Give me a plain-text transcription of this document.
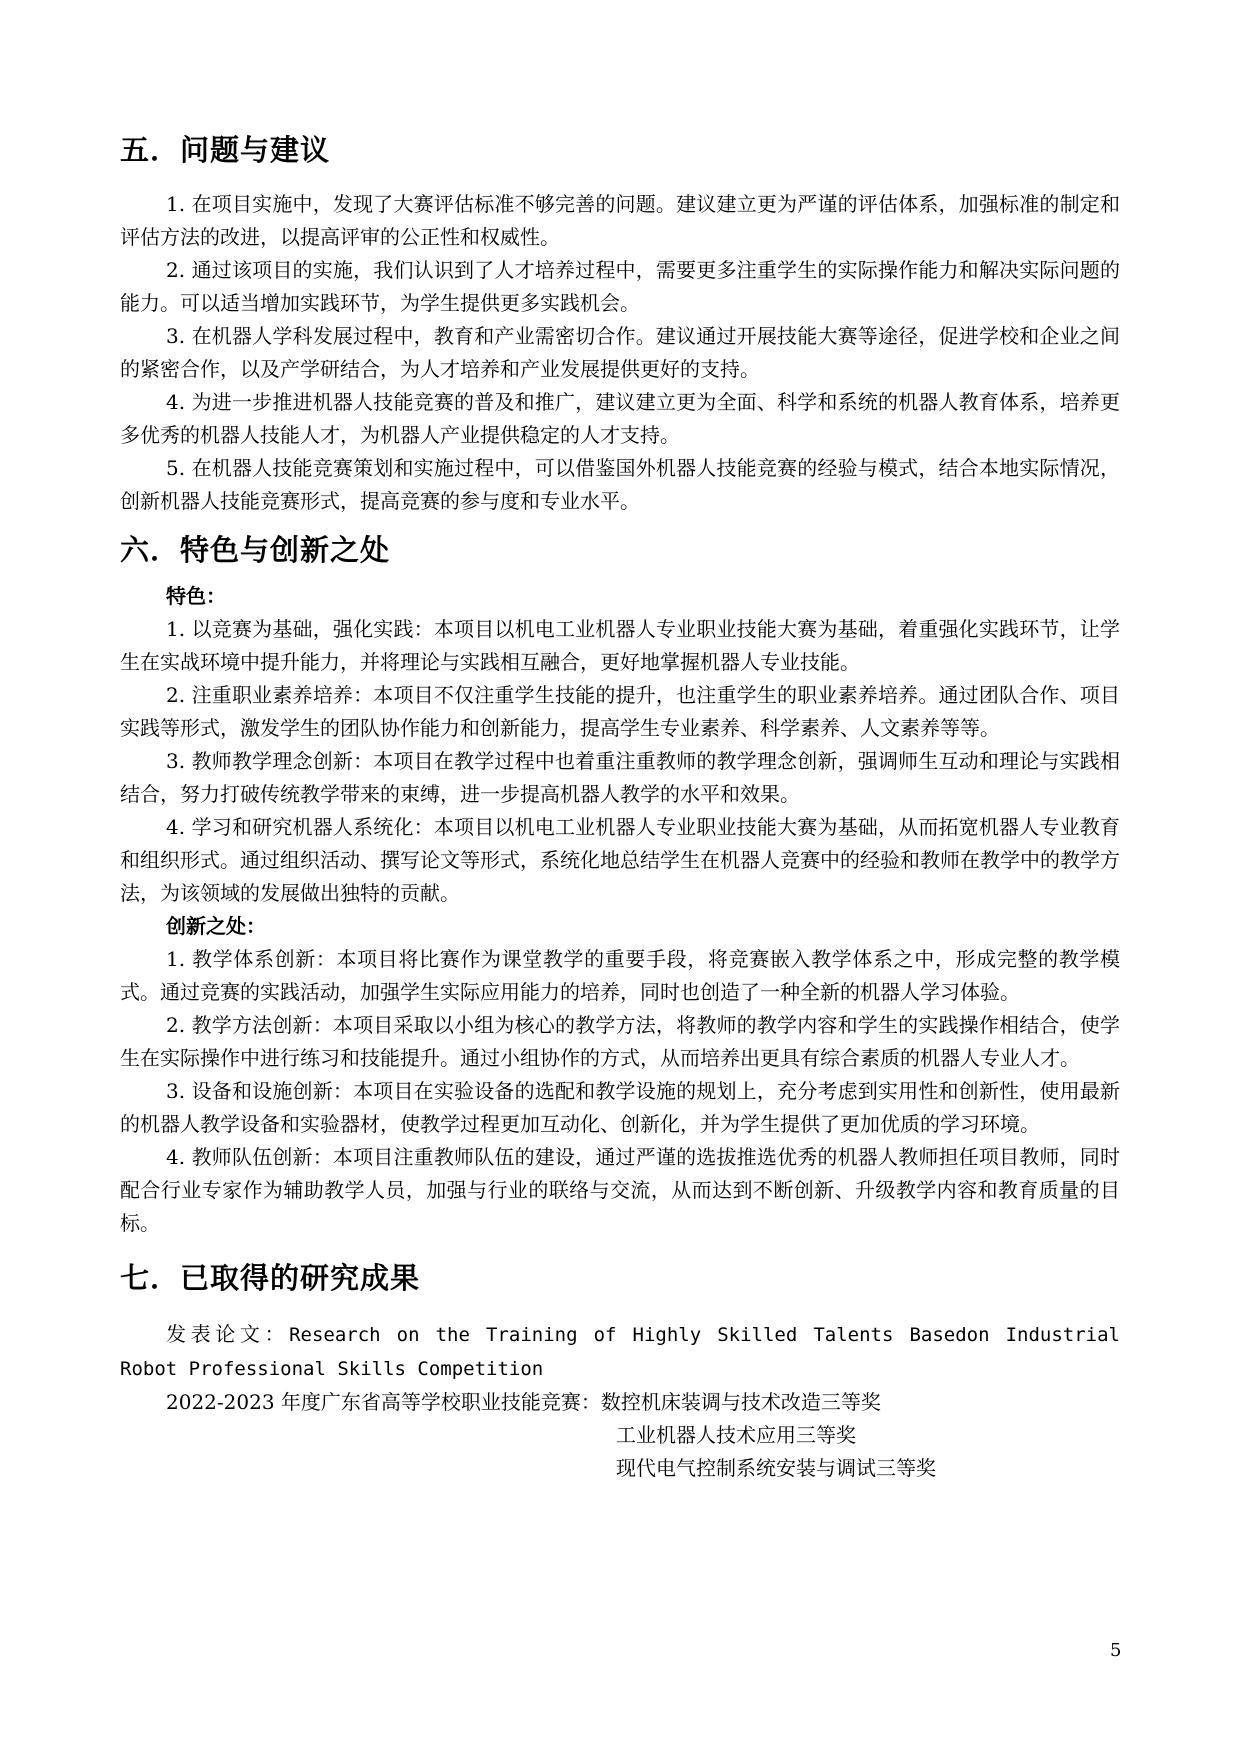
五．问题与建议

1. 在项目实施中，发现了大赛评估标准不够完善的问题。建议建立更为严谨的评估体系，加强标准的制定和评估方法的改进，以提高评审的公正性和权威性。

2. 通过该项目的实施，我们认识到了人才培养过程中，需要更多注重学生的实际操作能力和解决实际问题的能力。可以适当增加实践环节，为学生提供更多实践机会。

3. 在机器人学科发展过程中，教育和产业需密切合作。建议通过开展技能大赛等途径，促进学校和企业之间的紧密合作，以及产学研结合，为人才培养和产业发展提供更好的支持。

4. 为进一步推进机器人技能竞赛的普及和推广，建议建立更为全面、科学和系统的机器人教育体系，培养更多优秀的机器人技能人才，为机器人产业提供稳定的人才支持。

5. 在机器人技能竞赛策划和实施过程中，可以借鉴国外机器人技能竞赛的经验与模式，结合本地实际情况，创新机器人技能竞赛形式，提高竞赛的参与度和专业水平。

六．特色与创新之处
特色：

1. 以竞赛为基础，强化实践：本项目以机电工业机器人专业职业技能大赛为基础，着重强化实践环节，让学生在实战环境中提升能力，并将理论与实践相互融合，更好地掌握机器人专业技能。

2. 注重职业素养培养：本项目不仅注重学生技能的提升，也注重学生的职业素养培养。通过团队合作、项目实践等形式，激发学生的团队协作能力和创新能力，提高学生专业素养、科学素养、人文素养等等。

3. 教师教学理念创新：本项目在教学过程中也着重注重教师的教学理念创新，强调师生互动和理论与实践相结合，努力打破传统教学带来的束缚，进一步提高机器人教学的水平和效果。

4. 学习和研究机器人系统化：本项目以机电工业机器人专业职业技能大赛为基础，从而拓宽机器人专业教育和组织形式。通过组织活动、撰写论文等形式，系统化地总结学生在机器人竞赛中的经验和教师在教学中的教学方法，为该领域的发展做出独特的贡献。

创新之处：

1. 教学体系创新：本项目将比赛作为课堂教学的重要手段，将竞赛嵌入教学体系之中，形成完整的教学模式。通过竞赛的实践活动，加强学生实际应用能力的培养，同时也创造了一种全新的机器人学习体验。

2. 教学方法创新：本项目采取以小组为核心的教学方法，将教师的教学内容和学生的实践操作相结合，使学生在实际操作中进行练习和技能提升。通过小组协作的方式，从而培养出更具有综合素质的机器人专业人才。

3. 设备和设施创新：本项目在实验设备的选配和教学设施的规划上，充分考虑到实用性和创新性，使用最新的机器人教学设备和实验器材，使教学过程更加互动化、创新化，并为学生提供了更加优质的学习环境。

4. 教师队伍创新：本项目注重教师队伍的建设，通过严谨的选拔推选优秀的机器人教师担任项目教师，同时配合行业专家作为辅助教学人员，加强与行业的联络与交流，从而达到不断创新、升级教学内容和教育质量的目标。

七．已取得的研究成果

发表论文：Research on the Training of Highly Skilled Talents Basedon Industrial Robot Professional Skills Competition

2022-2023 年度广东省高等学校职业技能竞赛：数控机床装调与技术改造三等奖
工业机器人技术应用三等奖
现代电气控制系统安装与调试三等奖
5
